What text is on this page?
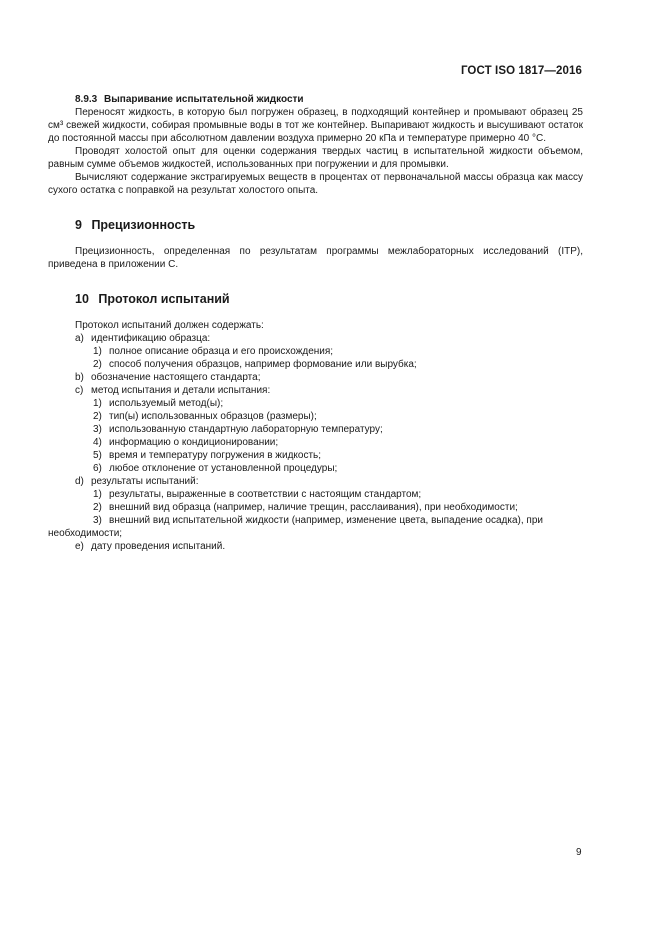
ГОСТ ISO 1817—2016
8.9.3 Выпаривание испытательной жидкости

Переносят жидкость, в которую был погружен образец, в подходящий контейнер и промывают образец 25 см³ свежей жидкости, собирая промывные воды в тот же контейнер. Выпаривают жидкость и высушивают остаток до постоянной массы при абсолютном давлении воздуха примерно 20 кПа и температуре примерно 40 °С.

Проводят холостой опыт для оценки содержания твердых частиц в испытательной жидкости объемом, равным сумме объемов жидкостей, использованных при погружении и для промывки.

Вычисляют содержание экстрагируемых веществ в процентах от первоначальной массы образца как массу сухого остатка с поправкой на результат холостого опыта.

9 Прецизионность

Прецизионность, определенная по результатам программы межлабораторных исследований (ITP), приведена в приложении С.

10 Протокол испытаний
Протокол испытаний должен содержать:
a) идентификацию образца:
1) полное описание образца и его происхождения;
2) способ получения образцов, например формование или вырубка;
b) обозначение настоящего стандарта;
c) метод испытания и детали испытания:
1) используемый метод(ы);
2) тип(ы) использованных образцов (размеры);
3) использованную стандартную лабораторную температуру;
4) информацию о кондиционировании;
5) время и температуру погружения в жидкость;
6) любое отклонение от установленной процедуры;
d) результаты испытаний:
1) результаты, выраженные в соответствии с настоящим стандартом;
2) внешний вид образца (например, наличие трещин, расслаивания), при необходимости;
3) внешний вид испытательной жидкости (например, изменение цвета, выпадение осадка), при
необходимости;
е) дату проведения испытаний.
9
